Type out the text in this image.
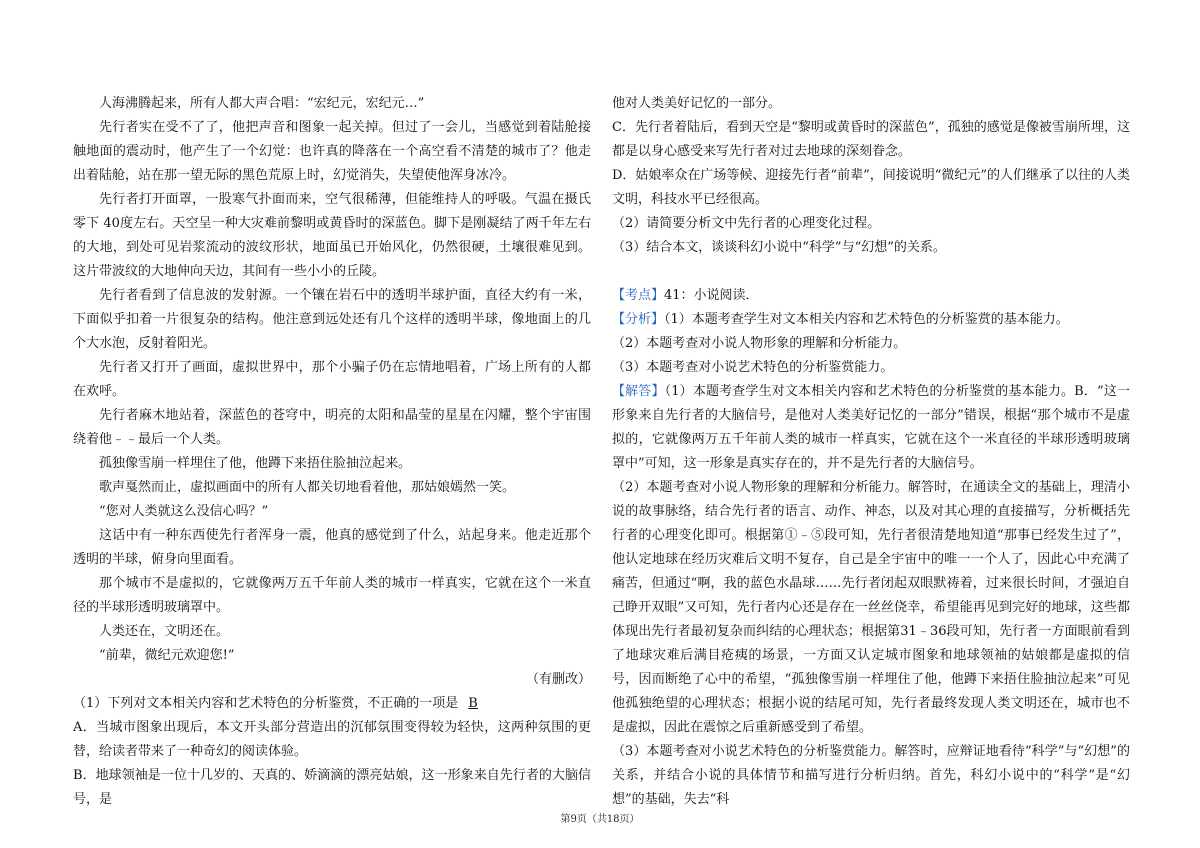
人海沸腾起来，所有人都大声合唱：“宏纪元，宏纪元…”

先行者实在受不了了，他把声音和图象一起关掉。但过了一会儿，当感觉到着陆舱接触地面的震动时，他产生了一个幻觉：也许真的降落在一个高空看不清楚的城市了？他走出着陆舱，站在那一望无际的黑色荒原上时，幻觉消失，失望使他浑身冰冷。

先行者打开面罩，一股寒气扑面而来，空气很稀薄，但能维持人的呼吸。气温在摄氏零下 40度左右。天空呈一种大灾难前黎明或黄昏时的深蓝色。脚下是刚凝结了两千年左右的大地，到处可见岩浆流动的波纹形状，地面虽已开始风化，仍然很硬，土壤很难见到。这片带波纹的大地伸向天边，其间有一些小小的丘陵。

先行者看到了信息波的发射源。一个镶在岩石中的透明半球护面，直径大约有一米，下面似乎扣着一片很复杂的结构。他注意到远处还有几个这样的透明半球，像地面上的几个大水泡，反射着阳光。

先行者又打开了画面，虚拟世界中，那个小骗子仍在忘情地唱着，广场上所有的人都在欢呼。

先行者麻木地站着，深蓝色的苍穹中，明亮的太阳和晶莹的星星在闪耀，整个宇宙围绕着他﹣﹣最后一个人类。

孤独像雪崩一样埋住了他，他蹲下来捂住脸抽泣起来。

歌声戛然而止，虚拟画面中的所有人都关切地看着他，那姑娘嫣然一笑。

“您对人类就这么没信心吗？”

这话中有一种东西使先行者浑身一震，他真的感觉到了什么，站起身来。他走近那个透明的半球，俯身向里面看。

那个城市不是虚拟的，它就像两万五千年前人类的城市一样真实，它就在这个一米直径的半球形透明玻璃罩中。

人类还在，文明还在。

“前辈，微纪元欢迎您!”

（有删改）

（1）下列对文本相关内容和艺术特色的分析鉴赏，不正确的一项是 B

A．当城市图象出现后，本文开头部分营造出的沉郁氛围变得较为轻快，这两种氛围的更替，给读者带来了一种奇幻的阅读体验。

B．地球领袖是一位十几岁的、天真的、娇滴滴的漂亮姑娘，这一形象来自先行者的大脑信号，是

他对人类美好记忆的一部分。

C．先行者着陆后，看到天空是“黎明或黄昏时的深蓝色”，孤独的感觉是像被雪崩所埋，这都是以身心感受来写先行者对过去地球的深刻眷念。

D．姑娘率众在广场等候、迎接先行者“前辈”，间接说明“微纪元”的人们继承了以往的人类文明，科技水平已经很高。

（2）请简要分析文中先行者的心理变化过程。

（3）结合本文，谈谈科幻小说中“科学”与“幻想”的关系。

【考点】41：小说阅读．

【分析】（1）本题考查学生对文本相关内容和艺术特色的分析鉴赏的基本能力。

（2）本题考查对小说人物形象的理解和分析能力。

（3）本题考查对小说艺术特色的分析鉴赏能力。

【解答】（1）本题考查学生对文本相关内容和艺术特色的分析鉴赏的基本能力。B．“这一形象来自先行者的大脑信号，是他对人类美好记忆的一部分”错误，根据“那个城市不是虚拟的，它就像两万五千年前人类的城市一样真实，它就在这个一米直径的半球形透明玻璃罩中”可知，这一形象是真实存在的，并不是先行者的大脑信号。

（2）本题考查对小说人物形象的理解和分析能力。解答时，在通读全文的基础上，理清小说的故事脉络，结合先行者的语言、动作、神态，以及对其心理的直接描写，分析概括先行者的心理变化即可。根据第①﹣⑤段可知，先行者很清楚地知道“那事已经发生过了”，他认定地球在经历灾难后文明不复存，自己是全宇宙中的唯一一个人了，因此心中充满了痛苦，但通过“啊，我的蓝色水晶球……先行者闭起双眼默祷着，过来很长时间，才强迫自己睁开双眼”又可知，先行者内心还是存在一丝丝侥幸，希望能再见到完好的地球，这些都体现出先行者最初复杂而纠结的心理状态；根据第31﹣36段可知，先行者一方面眼前看到了地球灾难后满目疮痍的场景，一方面又认定城市图象和地球领袖的姑娘都是虚拟的信号，因而断绝了心中的希望，“孤独像雪崩一样埋住了他，他蹲下来捂住脸抽泣起来”可见他孤独绝望的心理状态；根据小说的结尾可知，先行者最终发现人类文明还在，城市也不是虚拟，因此在震惊之后重新感受到了希望。

（3）本题考查对小说艺术特色的分析鉴赏能力。解答时，应辩证地看待“科学”与“幻想”的关系，并结合小说的具体情节和描写进行分析归纳。首先，科幻小说中的“科学”是“幻想”的基础，失去“科

第9页（共18页）
